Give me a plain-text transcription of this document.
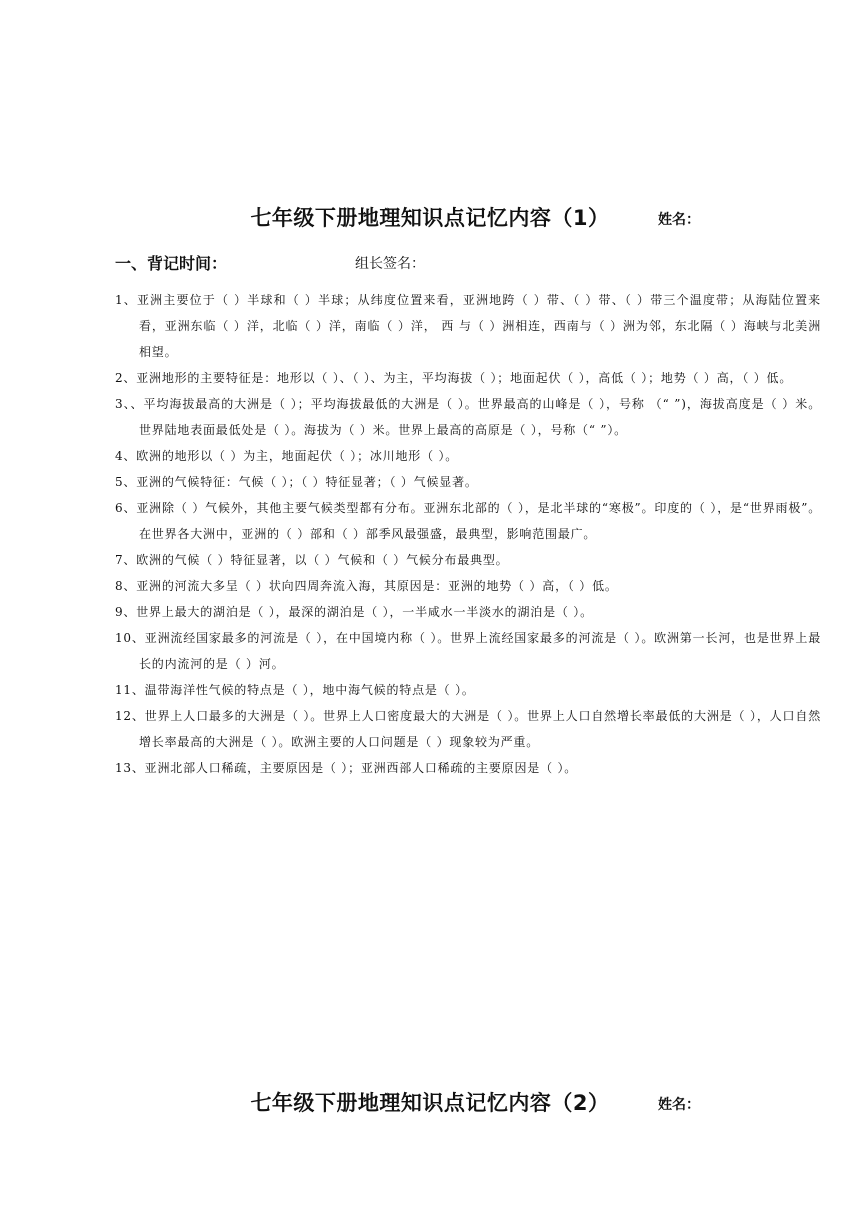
七年级下册地理知识点记忆内容（1）	姓名：
一、背记时间：	组长签名：
1、亚洲主要位于（ ）半球和（ ）半球；从纬度位置来看，亚洲地跨（ ）带、（ ）带、（ ）带三个温度带；从海陆位置来看，亚洲东临（ ）洋，北临（ ）洋，南临（ ）洋， 西 与（ ）洲相连，西南与（ ）洲为邻，东北隔（ ）海峡与北美洲相望。
2、亚洲地形的主要特征是：地形以（ ）、（ ）、为主，平均海拔（ ）；地面起伏（ ），高低（ ）；地势（ ）高，（ ）低。
3、、平均海拔最高的大洲是（ ）；平均海拔最低的大洲是（ ）。世界最高的山峰是（ ），号称 （“ ”)，海拔高度是（ ）米。世界陆地表面最低处是（ ）。海拔为（ ）米。世界上最高的高原是（ ），号称（“ ”）。
4、欧洲的地形以（ ）为主，地面起伏（ ）；冰川地形（ ）。
5、亚洲的气候特征：气候（ ）；（ ）特征显著；（ ）气候显著。
6、亚洲除（ ）气候外，其他主要气候类型都有分布。亚洲东北部的（ ），是北半球的“寒极”。印度的（ ），是“世界雨极”。在世界各大洲中，亚洲的（ ）部和（ ）部季风最强盛，最典型，影响范围最广。
7、欧洲的气候（ ）特征显著，以（ ）气候和（ ）气候分布最典型。
8、亚洲的河流大多呈（ ）状向四周奔流入海，其原因是：亚洲的地势（ ）高，（ ）低。
9、世界上最大的湖泊是（ ），最深的湖泊是（ ），一半咸水一半淡水的湖泊是（ ）。
10、亚洲流经国家最多的河流是（ ），在中国境内称（ ）。世界上流经国家最多的河流是（ ）。欧洲第一长河，也是世界上最长的内流河的是（ ）河。
11、温带海洋性气候的特点是（ ），地中海气候的特点是（ ）。
12、世界上人口最多的大洲是（ ）。世界上人口密度最大的大洲是（ ）。世界上人口自然增长率最低的大洲是（ ），人口自然增长率最高的大洲是（ ）。欧洲主要的人口问题是（ ）现象较为严重。
13、亚洲北部人口稀疏，主要原因是（ ）；亚洲西部人口稀疏的主要原因是（ ）。
七年级下册地理知识点记忆内容（2）	姓名：
